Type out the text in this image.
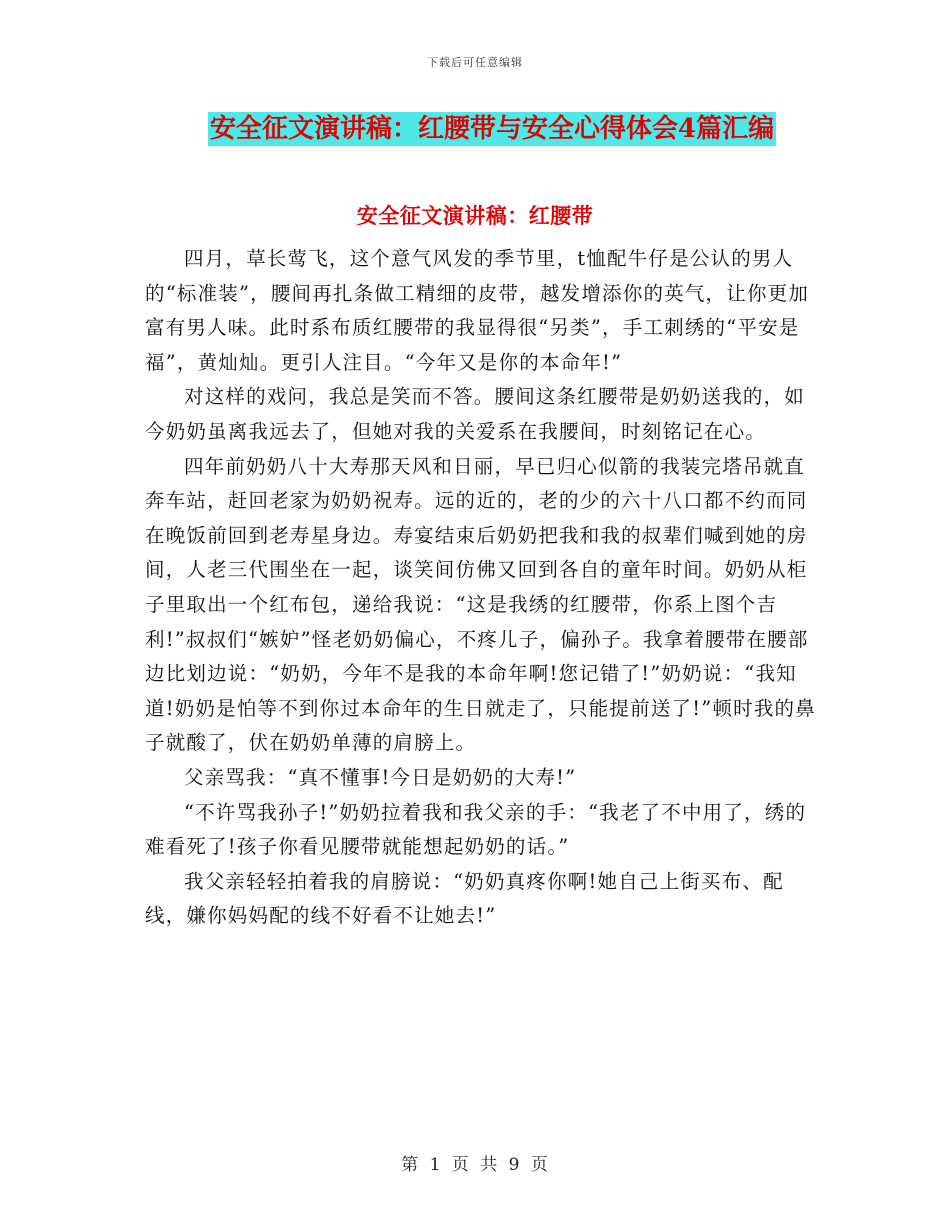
下载后可任意编辑
安全征文演讲稿：红腰带与安全心得体会4篇汇编
安全征文演讲稿：红腰带

四月，草长莺飞，这个意气风发的季节里，t恤配牛仔是公认的男人的“标准装”，腰间再扎条做工精细的皮带，越发增添你的英气，让你更加富有男人味。此时系布质红腰带的我显得很“另类”，手工刺绣的“平安是福”，黄灿灿。更引人注目。“今年又是你的本命年!”

对这样的戏问，我总是笑而不答。腰间这条红腰带是奶奶送我的，如今奶奶虽离我远去了，但她对我的关爱系在我腰间，时刻铭记在心。

四年前奶奶八十大寿那天风和日丽，早已归心似箭的我装完塔吊就直奔车站，赶回老家为奶奶祝寿。远的近的，老的少的六十八口都不约而同在晚饭前回到老寿星身边。寿宴结束后奶奶把我和我的叔辈们喊到她的房间，人老三代围坐在一起，谈笑间仿佛又回到各自的童年时间。奶奶从柜子里取出一个红布包，递给我说：“这是我绣的红腰带，你系上图个吉利!”叔叔们“嫉妒”怪老奶奶偏心，不疼儿子，偏孙子。我拿着腰带在腰部边比划边说：“奶奶，今年不是我的本命年啊!您记错了!”奶奶说：“我知道!奶奶是怕等不到你过本命年的生日就走了，只能提前送了!”顿时我的鼻子就酸了，伏在奶奶单薄的肩膀上。

父亲骂我：“真不懂事!今日是奶奶的大寿!”

“不许骂我孙子!”奶奶拉着我和我父亲的手：“我老了不中用了，绣的难看死了!孩子你看见腰带就能想起奶奶的话。”

我父亲轻轻拍着我的肩膀说：“奶奶真疼你啊!她自己上街买布、配线，嫌你妈妈配的线不好看不让她去!”

第 1 页 共 9 页
